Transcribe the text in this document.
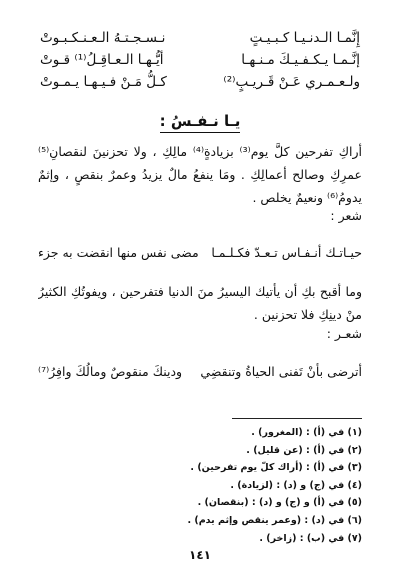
إِنَّمـا الـدنـيـا كـبـيـتٍ
نـسـجـتـهُ الـعـنـكـبـوتْ
إنَّـمـا يـكـفـيـكَ مـنـهـا
أيُّـهـا الـعـاقِـلُ⁽¹⁾ قـوتْ
ولـعـمـري عَـنْ قَـريـبٍ⁽²⁾
كـلُّ مَـنْ فـيـهـا يـمـوتْ
يـا نـفـسُ :
أراكِ تفرحين كلَّ يوم⁽³⁾ بزيادةٍ⁽⁴⁾ مالِكِ ، ولا تحزنينَ لنقصانِ⁽⁵⁾ عمرِكِ وصالح أعمالِكِ . ومَا ينفعُ مالٌ يزيدُ وعمرٌ بنقصٍ ، وإثمٌ يدومُ⁽⁶⁾ ونعيمٌ يخلص .
شعر :
حيـاتـك أنـفـاس تـعـدّ فكـلـمـا
مضى نفس منها انقضت به جزء
وما أقبح بكِ أن يأتيك اليسيرُ منَ الدنيا فتفرحين ، ويفوتُكِ الكثيرُ منْ دينِكِ فلا تحزنين .
شعـر :
أترضى بأنْ تَفنى الحياةُ وتنقضِي
ودينكَ منقوصٌ ومالُكَ وافِرُ⁽⁷⁾
(١) في (أ) : (المغرور) .
(٢) في (أ) : (عن قليل) .
(٣) في (أ) : (أراك كلّ يوم تفرحين) .
(٤) في (ج) و (د) : (لزيادة) .
(٥) في (أ) و (ج) و (د) : (بنقصان) .
(٦) في (د) : (وعمر ينقص وإثم يدم) .
(٧) في (ب) : (زاخر) .
١٤١
